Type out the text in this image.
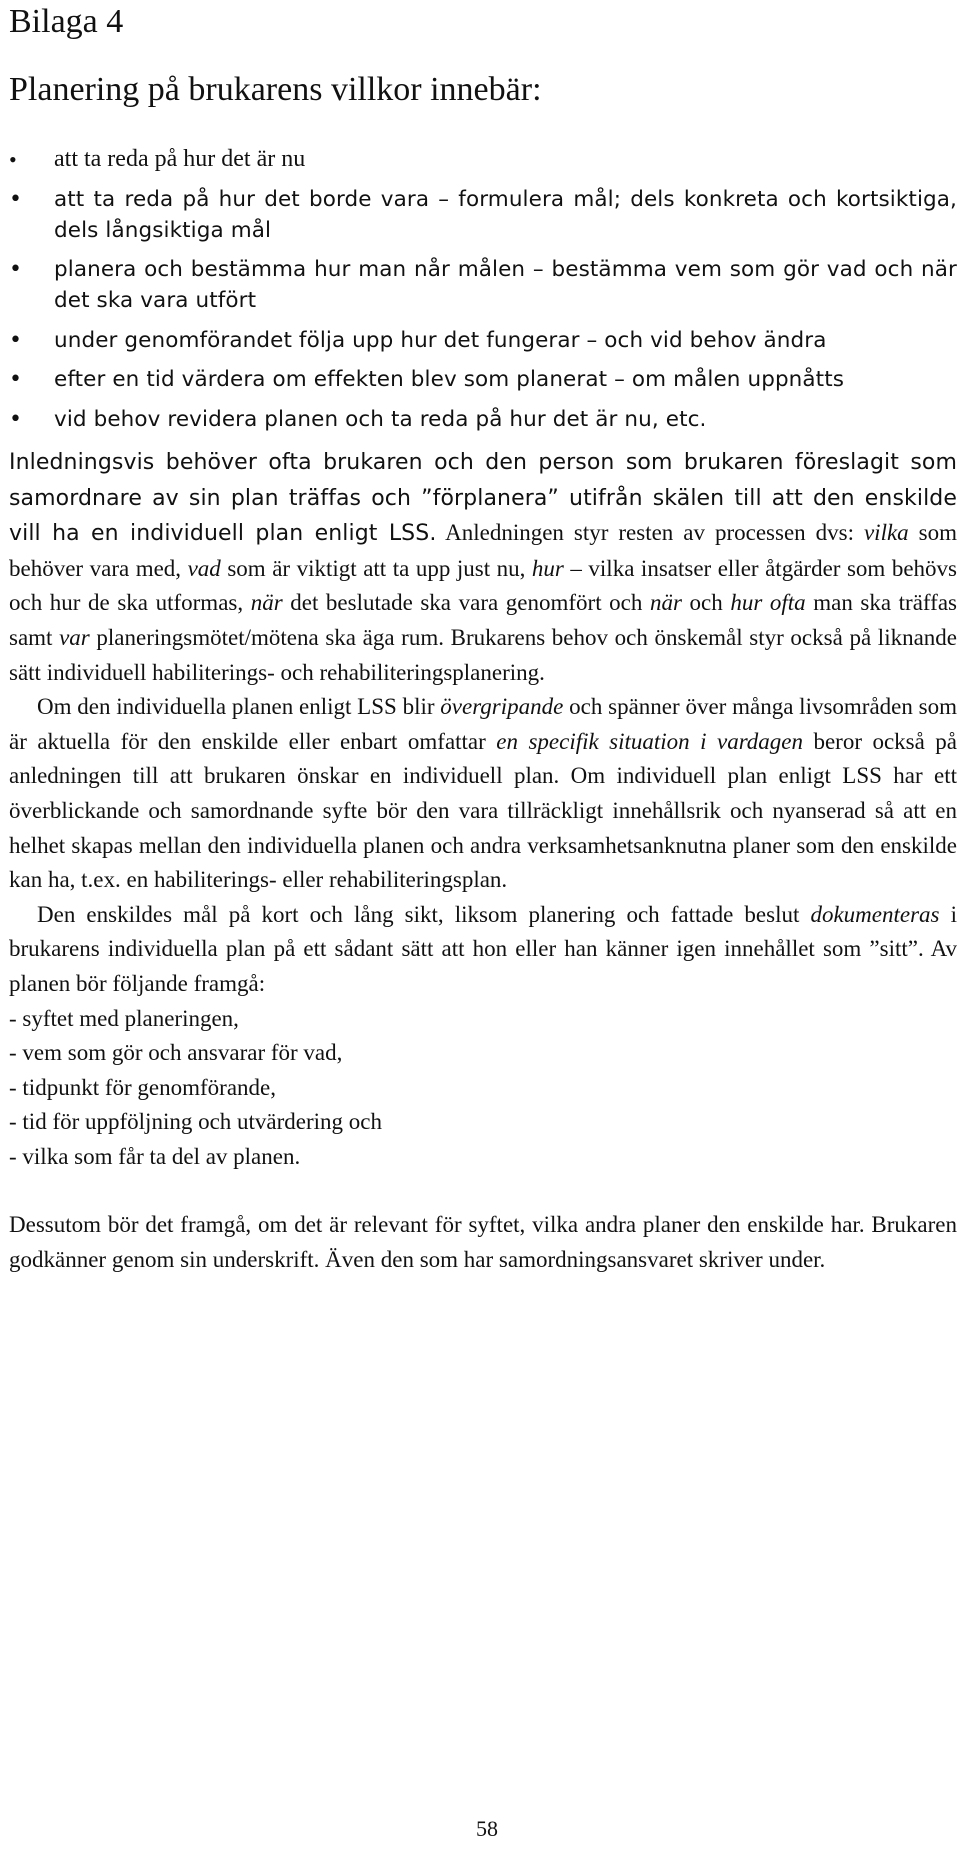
Bilaga 4
Planering på brukarens villkor innebär:
•	att ta reda på hur det är nu
•	att ta reda på hur det borde vara – formulera mål; dels konkreta och kortsiktiga, dels långsiktiga mål
•	planera och bestämma hur man når målen – bestämma vem som gör vad och när det ska vara utfört
•	under genomförandet följa upp hur det fungerar – och vid behov ändra
•	efter en tid värdera om effekten blev som planerat – om målen uppnåtts
•	vid behov revidera planen och ta reda på hur det är nu, etc.

Inledningsvis behöver ofta brukaren och den person som brukaren föreslagit som samordnare av sin plan träffas och ”förplanera” utifrån skälen till att den enskilde vill ha en individuell plan enligt LSS. Anledningen styr resten av processen dvs: vilka som behöver vara med, vad som är viktigt att ta upp just nu, hur – vilka insatser eller åtgärder som behövs och hur de ska utformas, när det beslutade ska vara genomfört och när och hur ofta man ska träffas samt var planeringsmötet/mötena ska äga rum. Brukarens behov och önskemål styr också på liknande sätt individuell habiliterings- och rehabiliteringsplanering.

Om den individuella planen enligt LSS blir övergripande och spänner över många livsområden som är aktuella för den enskilde eller enbart omfattar en specifik situation i vardagen beror också på anledningen till att brukaren önskar en individuell plan. Om individuell plan enligt LSS har ett överblickande och samordnande syfte bör den vara tillräckligt innehållsrik och nyanserad så att en helhet skapas mellan den individuella planen och andra verksamhetsanknutna planer som den enskilde kan ha, t.ex. en habiliterings- eller rehabiliteringsplan.

Den enskildes mål på kort och lång sikt, liksom planering och fattade beslut dokumenteras i brukarens individuella plan på ett sådant sätt att hon eller han känner igen innehållet som ”sitt”. Av planen bör följande framgå:

- syftet med planeringen,
- vem som gör och ansvarar för vad,
- tidpunkt för genomförande,
- tid för uppföljning och utvärdering och
- vilka som får ta del av planen.

Dessutom bör det framgå, om det är relevant för syftet, vilka andra planer den enskilde har. Brukaren godkänner genom sin underskrift. Även den som har samordningsansvaret skriver under.

58
